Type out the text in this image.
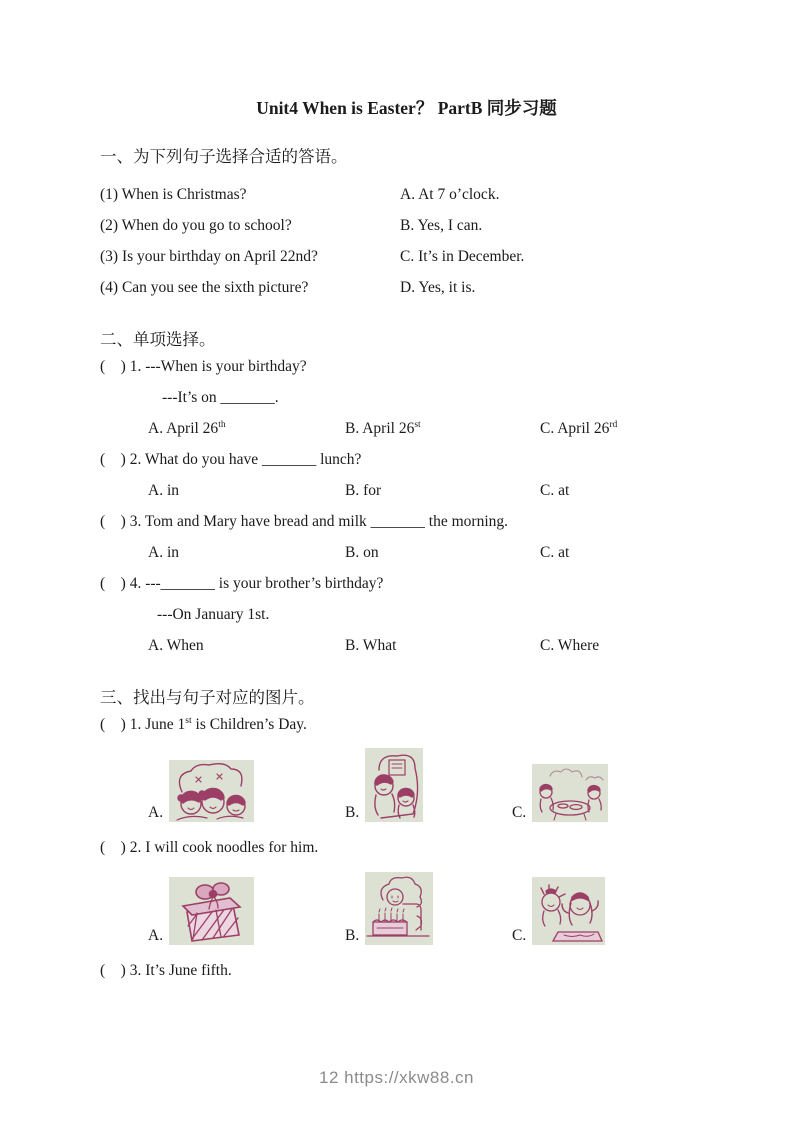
Unit4 When is Easter？ PartB 同步习题

一、为下列句子选择合适的答语。
(1) When is Christmas?	A. At 7 o’clock.
(2) When do you go to school?	B. Yes, I can.
(3) Is your birthday on April 22nd?	C. It’s in December.
(4) Can you see the sixth picture?	D. Yes, it is.
二、单项选择。
(　) 1. ---When is your birthday?
---It’s on _______.
A. April 26th	B. April 26st	C. April 26rd
(　) 2. What do you have _______ lunch?
A. in	B. for	C. at
(　) 3. Tom and Mary have bread and milk _______ the morning.
A. in	B. on	C. at
(　) 4. ---_______ is your brother’s birthday?
---On January 1st.
A. When	B. What	C. Where
三、找出与句子对应的图片。
(　) 1. June 1st is Children’s Day.
A.	B.	C.
(　) 2. I will cook noodles for him.
A.	B.	C.
(　) 3. It’s June fifth.
12 https://xkw88.cn
